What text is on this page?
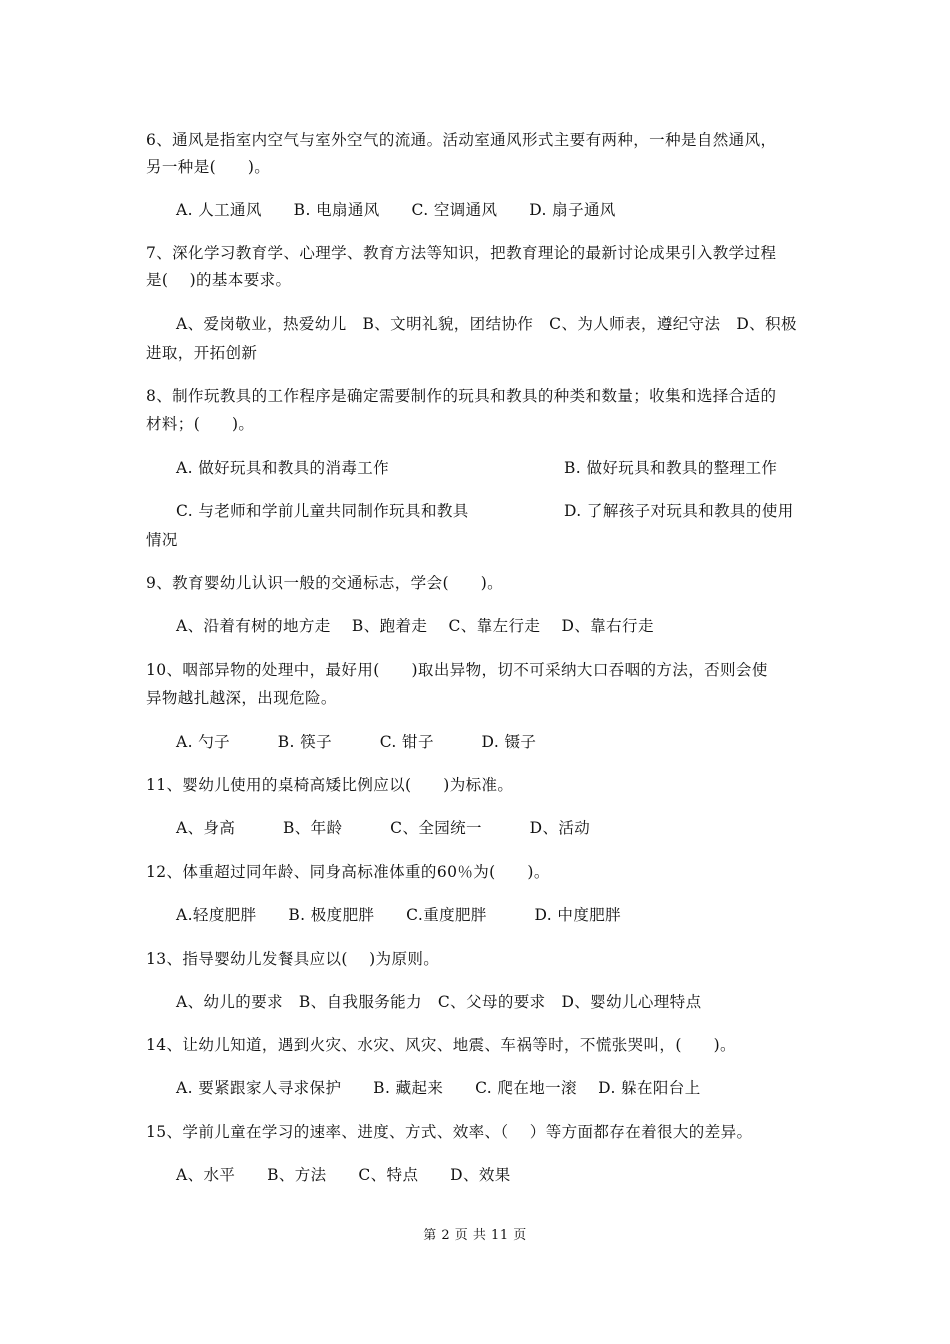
6、通风是指室内空气与室外空气的流通。活动室通风形式主要有两种，一种是自然通风，
另一种是(　　)。
A. 人工通风　　B. 电扇通风　　C. 空调通风　　D. 扇子通风
7、深化学习教育学、心理学、教育方法等知识，把教育理论的最新讨论成果引入教学过程
是(　 )的基本要求。
A、爱岗敬业，热爱幼儿　B、文明礼貌，团结协作　C、为人师表，遵纪守法　D、积极
进取，开拓创新
8、制作玩教具的工作程序是确定需要制作的玩具和教具的种类和数量；收集和选择合适的
材料；(　　)。
A. 做好玩具和教具的消毒工作	B. 做好玩具和教具的整理工作
C. 与老师和学前儿童共同制作玩具和教具	D. 了解孩子对玩具和教具的使用
情况
9、教育婴幼儿认识一般的交通标志，学会(　　)。
A、沿着有树的地方走　 B、跑着走　 C、靠左行走　 D、靠右行走
10、咽部异物的处理中，最好用(　　)取出异物，切不可采纳大口吞咽的方法，否则会使
异物越扎越深，出现危险。
A. 勺子　　　B. 筷子　　　C. 钳子　　　D. 镊子
11、婴幼儿使用的桌椅高矮比例应以(　　)为标准。
A、身高　　　B、年龄　　　C、全园统一　　　D、活动
12、体重超过同年龄、同身高标准体重的60％为(　　)。
A.轻度肥胖　　B. 极度肥胖　　C.重度肥胖　　　D. 中度肥胖
13、指导婴幼儿发餐具应以(　 )为原则。
A、幼儿的要求　B、自我服务能力　C、父母的要求　D、婴幼儿心理特点
14、让幼儿知道，遇到火灾、水灾、风灾、地震、车祸等时，不慌张哭叫，(　　)。
A. 要紧跟家人寻求保护　　B. 藏起来　　C. 爬在地一滚　 D. 躲在阳台上
15、学前儿童在学习的速率、进度、方式、效率、（　 ）等方面都存在着很大的差异。
A、水平　　B、方法　　C、特点　　D、效果
第 2 页 共 11 页
